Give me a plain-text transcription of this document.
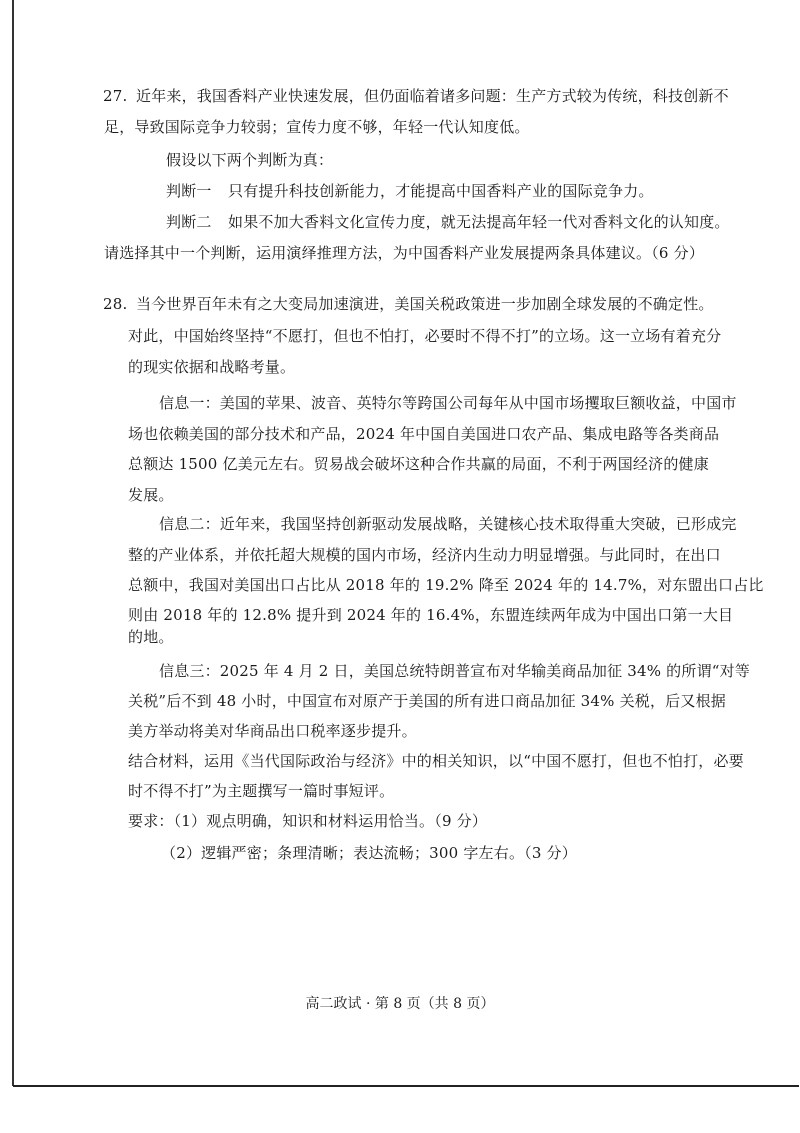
27. 近年来，我国香料产业快速发展，但仍面临着诸多问题：生产方式较为传统，科技创新不
足，导致国际竞争力较弱；宣传力度不够，年轻一代认知度低。
假设以下两个判断为真：
判断一 只有提升科技创新能力，才能提高中国香料产业的国际竞争力。
判断二 如果不加大香料文化宣传力度，就无法提高年轻一代对香料文化的认知度。
请选择其中一个判断，运用演绎推理方法，为中国香料产业发展提两条具体建议。（6 分）
28. 当今世界百年未有之大变局加速演进，美国关税政策进一步加剧全球发展的不确定性。
对此，中国始终坚持“不愿打，但也不怕打，必要时不得不打”的立场。这一立场有着充分
的现实依据和战略考量。
信息一：美国的苹果、波音、英特尔等跨国公司每年从中国市场攫取巨额收益，中国市
场也依赖美国的部分技术和产品，2024 年中国自美国进口农产品、集成电路等各类商品
总额达 1500 亿美元左右。贸易战会破坏这种合作共赢的局面，不利于两国经济的健康
发展。
信息二：近年来，我国坚持创新驱动发展战略，关键核心技术取得重大突破，已形成完
整的产业体系，并依托超大规模的国内市场，经济内生动力明显增强。与此同时，在出口
总额中，我国对美国出口占比从 2018 年的 19.2% 降至 2024 年的 14.7%，对东盟出口占比
则由 2018 年的 12.8% 提升到 2024 年的 16.4%，东盟连续两年成为中国出口第一大目
的地。
信息三：2025 年 4 月 2 日，美国总统特朗普宣布对华输美商品加征 34% 的所谓“对等
关税”后不到 48 小时，中国宣布对原产于美国的所有进口商品加征 34% 关税，后又根据
美方举动将美对华商品出口税率逐步提升。
结合材料，运用《当代国际政治与经济》中的相关知识，以“中国不愿打，但也不怕打，必要
时不得不打”为主题撰写一篇时事短评。
要求：（1）观点明确，知识和材料运用恰当。（9 分）
（2）逻辑严密；条理清晰；表达流畅；300 字左右。（3 分）
高二政试 · 第 8 页（共 8 页）
